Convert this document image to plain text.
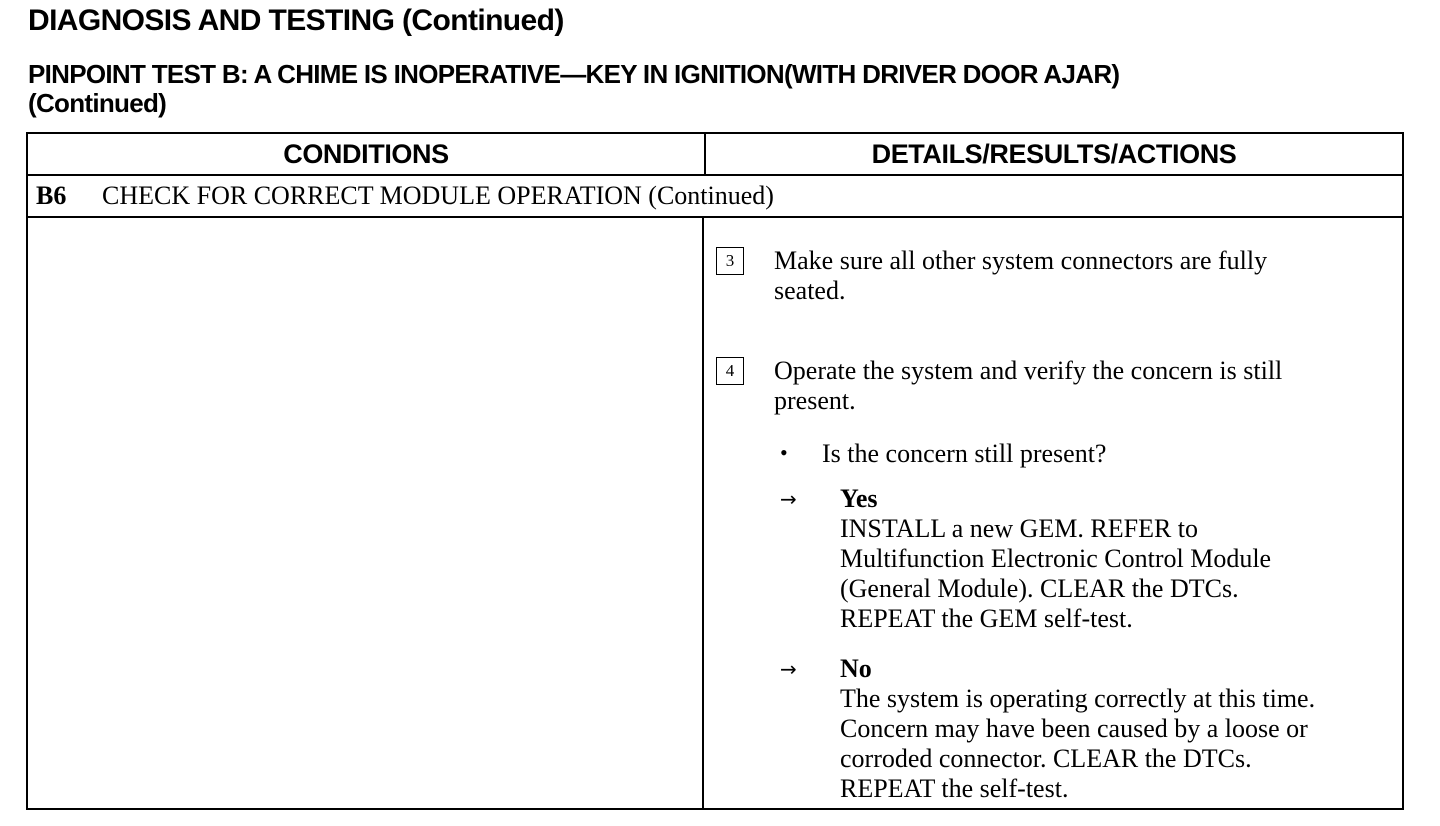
DIAGNOSIS AND TESTING (Continued)
PINPOINT TEST B: A CHIME IS INOPERATIVE—KEY IN IGNITION(WITH DRIVER DOOR AJAR)
(Continued)
CONDITIONS	DETAILS/RESULTS/ACTIONS
B6 CHECK FOR CORRECT MODULE OPERATION (Continued)
3	Make sure all other system connectors are fully
seated.
4	Operate the system and verify the concern is still
present.
• Is the concern still present?
→ Yes
INSTALL a new GEM. REFER to
Multifunction Electronic Control Module
(General Module). CLEAR the DTCs.
REPEAT the GEM self-test.
→ No
The system is operating correctly at this time.
Concern may have been caused by a loose or
corroded connector. CLEAR the DTCs.
REPEAT the self-test.
